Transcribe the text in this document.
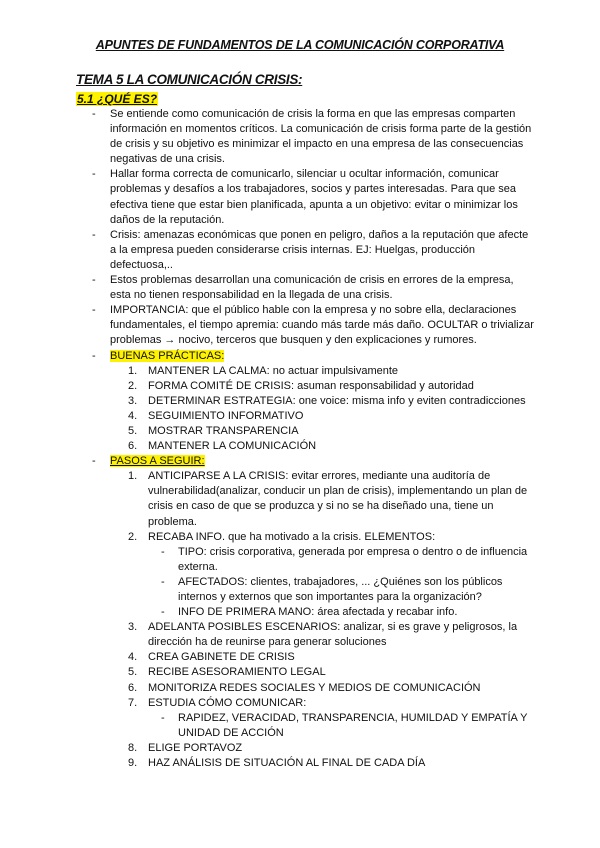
APUNTES DE FUNDAMENTOS DE LA COMUNICACIÓN CORPORATIVA
TEMA 5 LA COMUNICACIÓN CRISIS:
5.1 ¿QUÉ ES?
- Se entiende como comunicación de crisis la forma en que las empresas comparten información en momentos críticos. La comunicación de crisis forma parte de la gestión de crisis y su objetivo es minimizar el impacto en una empresa de las consecuencias negativas de una crisis.
- Hallar forma correcta de comunicarlo, silenciar u ocultar información, comunicar problemas y desafíos a los trabajadores, socios y partes interesadas. Para que sea efectiva tiene que estar bien planificada, apunta a un objetivo: evitar o minimizar los daños de la reputación.
- Crisis: amenazas económicas que ponen en peligro, daños a la reputación que afecte a la empresa pueden considerarse crisis internas. EJ: Huelgas, producción defectuosa,..
- Estos problemas desarrollan una comunicación de crisis en errores de la empresa, esta no tienen responsabilidad en la llegada de una crisis.
- IMPORTANCIA: que el público hable con la empresa y no sobre ella, declaraciones fundamentales, el tiempo apremia: cuando más tarde más daño. OCULTAR o trivializar problemas → nocivo, terceros que busquen y den explicaciones y rumores.
- BUENAS PRÁCTICAS:
1. MANTENER LA CALMA: no actuar impulsivamente
2. FORMA COMITÉ DE CRISIS: asuman responsabilidad y autoridad
3. DETERMINAR ESTRATEGIA: one voice: misma info y eviten contradicciones
4. SEGUIMIENTO INFORMATIVO
5. MOSTRAR TRANSPARENCIA
6. MANTENER LA COMUNICACIÓN
- PASOS A SEGUIR:
1. ANTICIPARSE A LA CRISIS: evitar errores, mediante una auditoría de vulnerabilidad(analizar, conducir un plan de crisis), implementando un plan de crisis en caso de que se produzca y si no se ha diseñado una, tiene un problema.
2. RECABA INFO. que ha motivado a la crisis. ELEMENTOS:
- TIPO: crisis corporativa, generada por empresa o dentro o de influencia externa.
- AFECTADOS: clientes, trabajadores, ... ¿Quiénes son los públicos internos y externos que son importantes para la organización?
- INFO DE PRIMERA MANO: área afectada y recabar info.
3. ADELANTA POSIBLES ESCENARIOS: analizar, si es grave y peligrosos, la dirección ha de reunirse para generar soluciones
4. CREA GABINETE DE CRISIS
5. RECIBE ASESORAMIENTO LEGAL
6. MONITORIZA REDES SOCIALES Y MEDIOS DE COMUNICACIÓN
7. ESTUDIA CÓMO COMUNICAR:
- RAPIDEZ, VERACIDAD, TRANSPARENCIA, HUMILDAD Y EMPATÍA Y UNIDAD DE ACCIÓN
8. ELIGE PORTAVOZ
9. HAZ ANÁLISIS DE SITUACIÓN AL FINAL DE CADA DÍA
